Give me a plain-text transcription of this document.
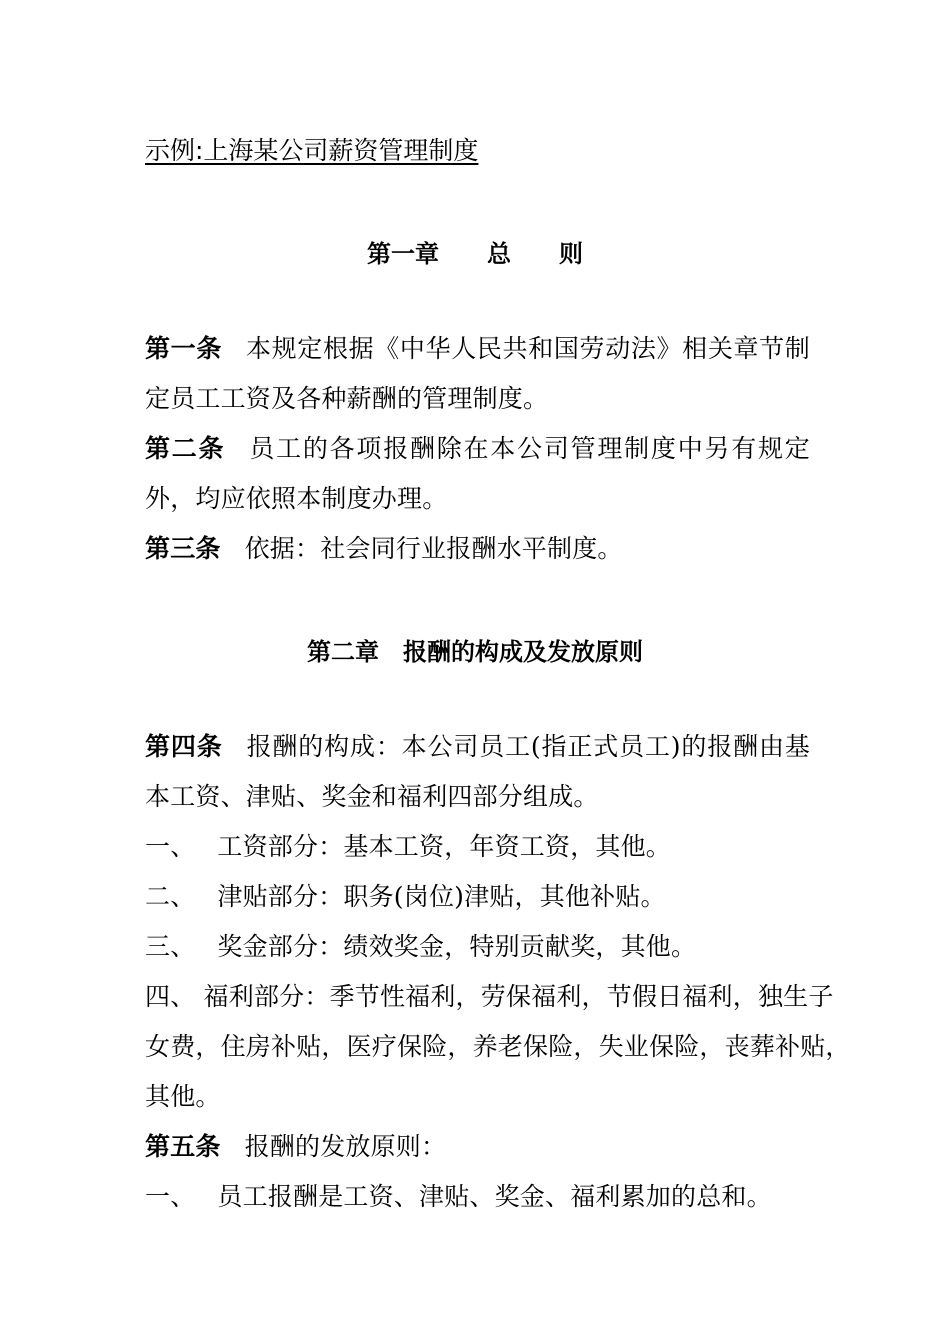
示例:上海某公司薪资管理制度
第一章　　总　　则
第一条 本规定根据《中华人民共和国劳动法》相关章节制
定员工工资及各种薪酬的管理制度。
第二条 员工的各项报酬除在本公司管理制度中另有规定
外，均应依照本制度办理。
第三条 依据：社会同行业报酬水平制度。
第二章　报酬的构成及发放原则
第四条 报酬的构成：本公司员工(指正式员工)的报酬由基
本工资、津贴、奖金和福利四部分组成。
一、 工资部分：基本工资，年资工资，其他。
二、 津贴部分：职务(岗位)津贴，其他补贴。
三、 奖金部分：绩效奖金，特别贡献奖，其他。
四、 福利部分：季节性福利，劳保福利，节假日福利，独生子
女费，住房补贴，医疗保险，养老保险，失业保险，丧葬补贴，
其他。
第五条 报酬的发放原则：
一、 员工报酬是工资、津贴、奖金、福利累加的总和。
